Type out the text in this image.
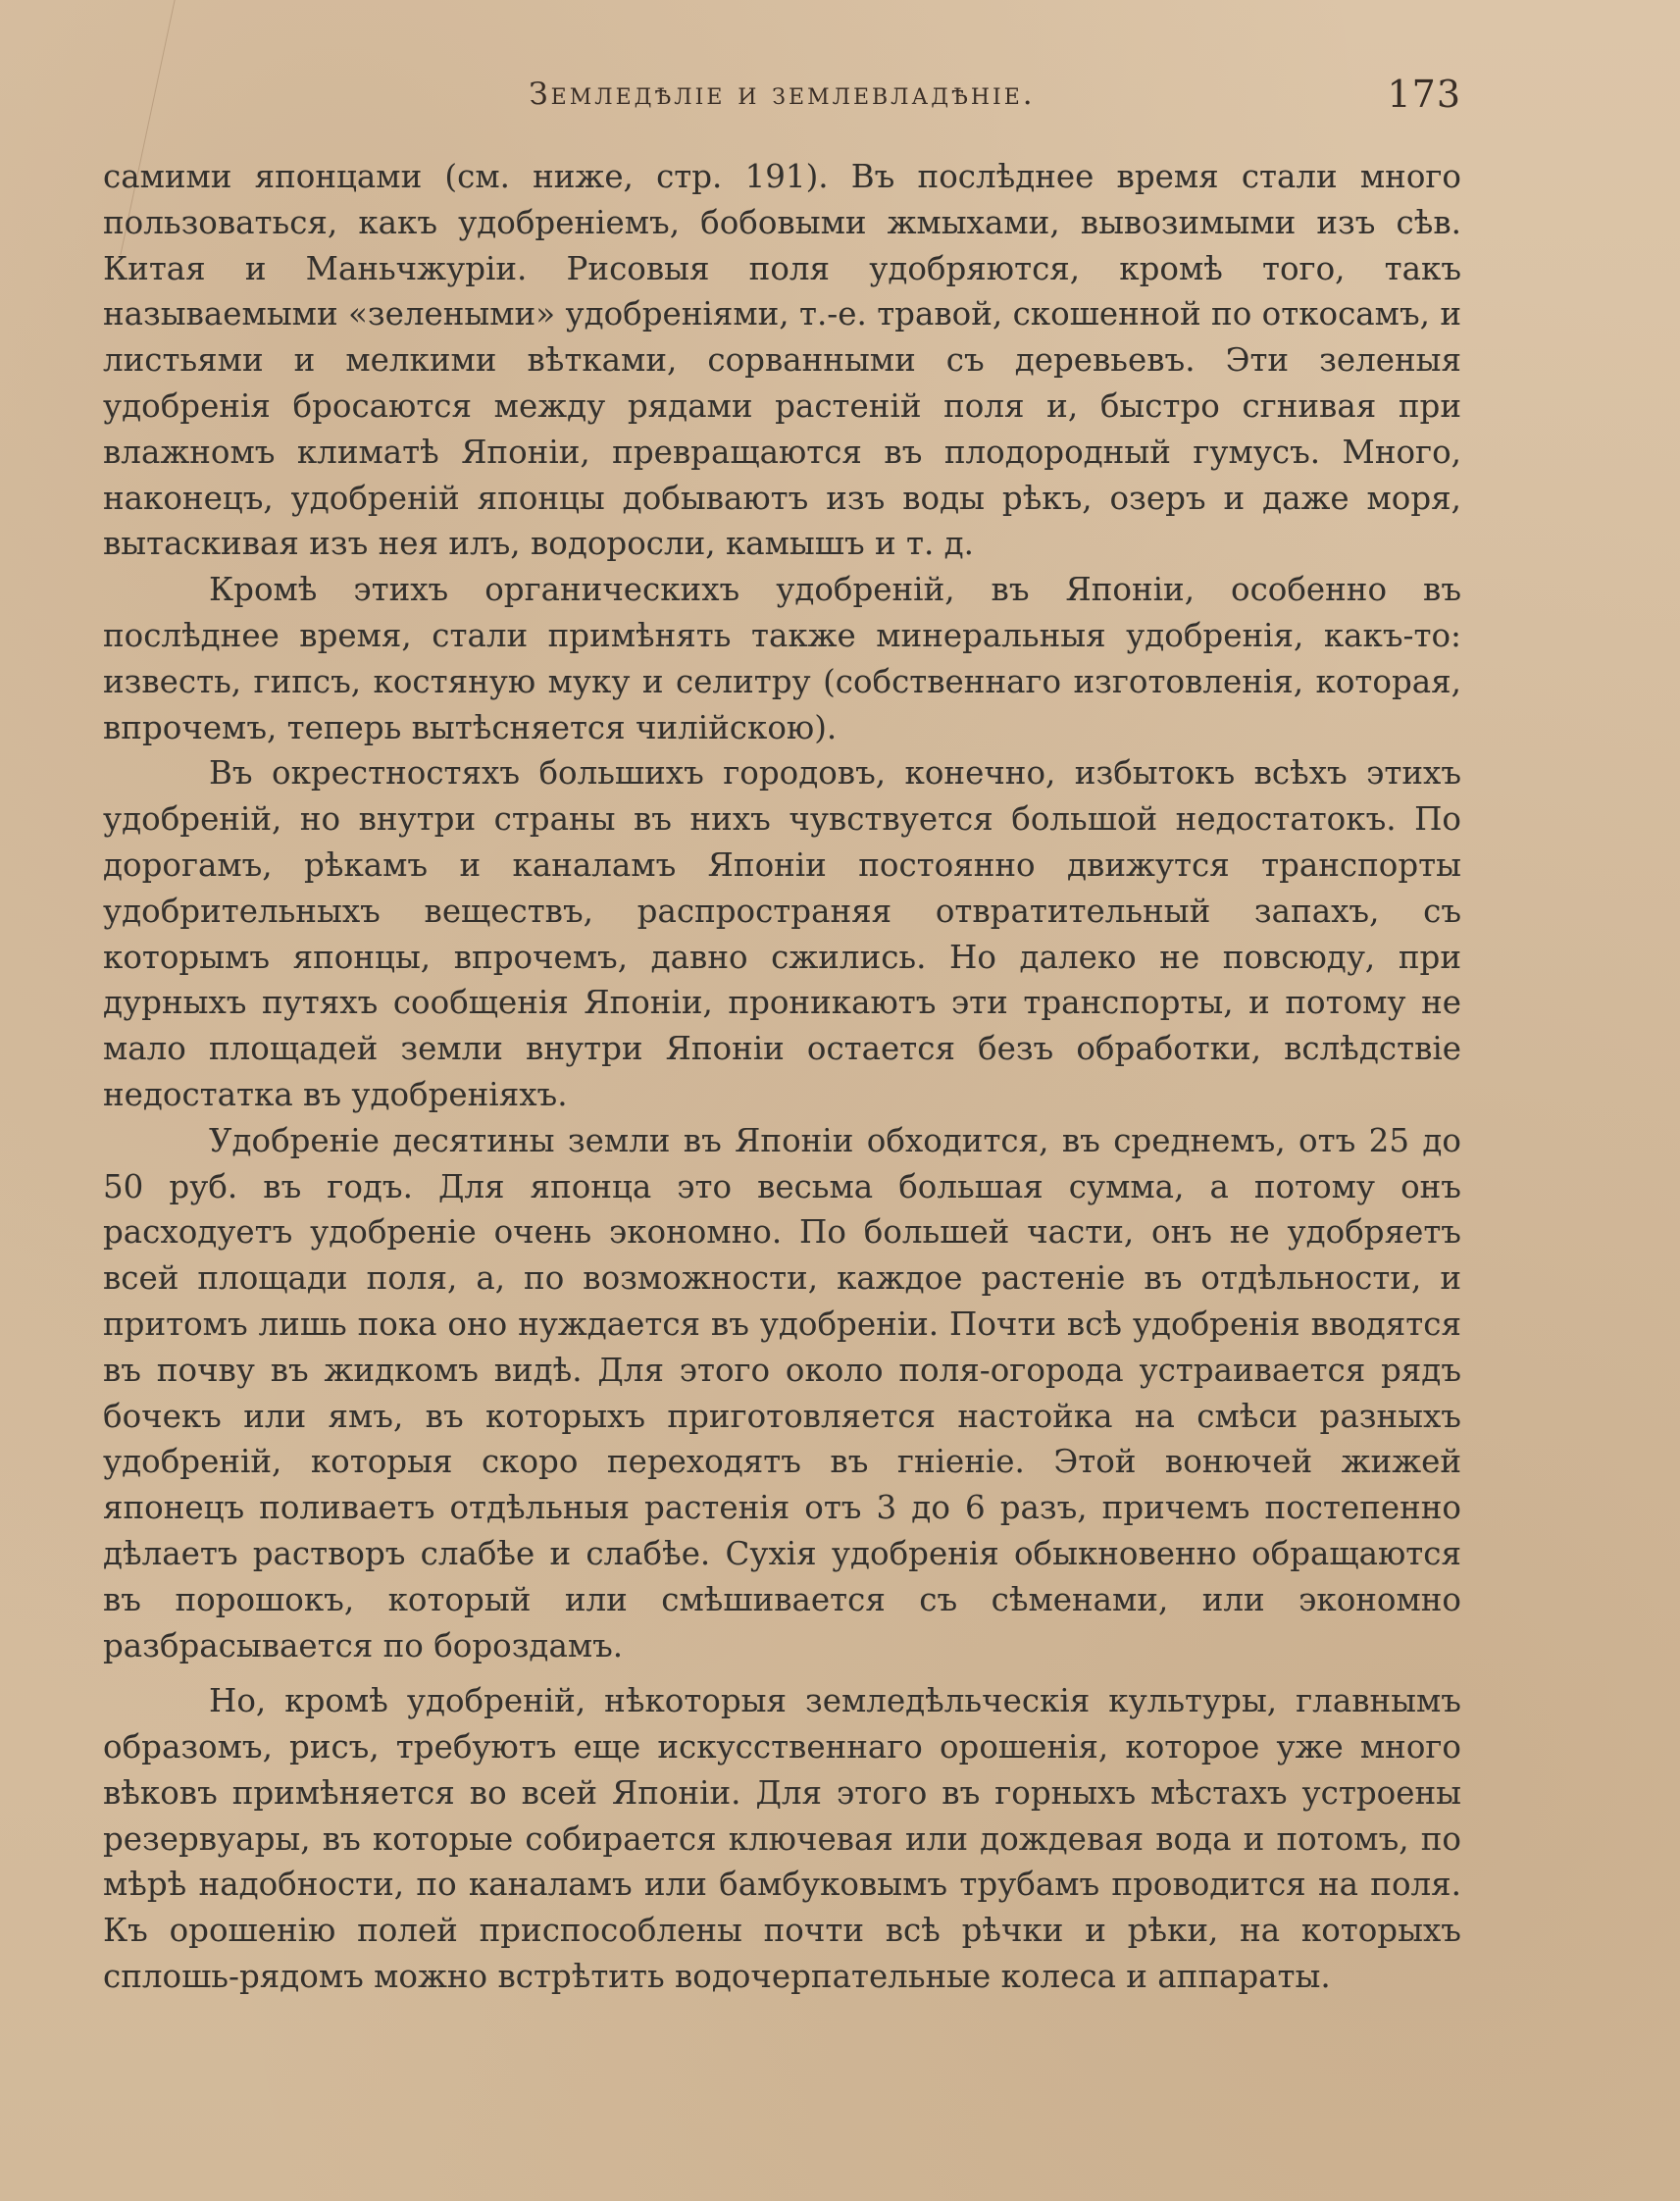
Земледѣліе и землевладѣніе.	173

самими японцами (см. ниже, стр. 191). Въ послѣднее время стали много пользоваться, какъ удобреніемъ, бобовыми жмыхами, вывозимыми изъ сѣв. Китая и Маньчжуріи. Рисовыя поля удобряются, кромѣ того, такъ называемыми «зелеными» удобреніями, т.-е. травой, скошенной по откосамъ, и листьями и мелкими вѣтками, сорванными съ деревьевъ. Эти зеленыя удобренія бросаются между рядами растеній поля и, быстро сгнивая при влажномъ климатѣ Японіи, превращаются въ плодородный гумусъ. Много, наконецъ, удобреній японцы добываютъ изъ воды рѣкъ, озеръ и даже моря, вытаскивая изъ нея илъ, водоросли, камышъ и т. д.

Кромѣ этихъ органическихъ удобреній, въ Японіи, особенно въ послѣднее время, стали примѣнять также минеральныя удобренія, какъ-то: известь, гипсъ, костяную муку и селитру (собственнаго изготовленія, которая, впрочемъ, теперь вытѣсняется чилійскою).

Въ окрестностяхъ большихъ городовъ, конечно, избытокъ всѣхъ этихъ удобреній, но внутри страны въ нихъ чувствуется большой недостатокъ. По дорогамъ, рѣкамъ и каналамъ Японіи постоянно движутся транспорты удобрительныхъ веществъ, распространяя отвратительный запахъ, съ которымъ японцы, впрочемъ, давно сжились. Но далеко не повсюду, при дурныхъ путяхъ сообщенія Японіи, проникаютъ эти транспорты, и потому не мало площадей земли внутри Японіи остается безъ обработки, вслѣдствіе недостатка въ удобреніяхъ.

Удобреніе десятины земли въ Японіи обходится, въ среднемъ, отъ 25 до 50 руб. въ годъ. Для японца это весьма большая сумма, а потому онъ расходуетъ удобреніе очень экономно. По большей части, онъ не удобряетъ всей площади поля, а, по возможности, каждое растеніе въ отдѣльности, и притомъ лишь пока оно нуждается въ удобреніи. Почти всѣ удобренія вводятся въ почву въ жидкомъ видѣ. Для этого около поля-огорода устраивается рядъ бочекъ или ямъ, въ которыхъ приготовляется настойка на смѣси разныхъ удобреній, которыя скоро переходятъ въ гніеніе. Этой вонючей жижей японецъ поливаетъ отдѣльныя растенія отъ 3 до 6 разъ, причемъ постепенно дѣлаетъ растворъ слабѣе и слабѣе. Сухія удобренія обыкновенно обращаются въ порошокъ, который или смѣшивается съ сѣменами, или экономно разбрасывается по бороздамъ.

Но, кромѣ удобреній, нѣкоторыя земледѣльческія культуры, главнымъ образомъ, рисъ, требуютъ еще искусственнаго орошенія, которое уже много вѣковъ примѣняется во всей Японіи. Для этого въ горныхъ мѣстахъ устроены резервуары, въ которые собирается ключевая или дождевая вода и потомъ, по мѣрѣ надобности, по каналамъ или бамбуковымъ трубамъ проводится на поля. Къ орошенію полей приспособлены почти всѣ рѣчки и рѣки, на которыхъ сплошь-рядомъ можно встрѣтить водочерпательные колеса и аппараты.
